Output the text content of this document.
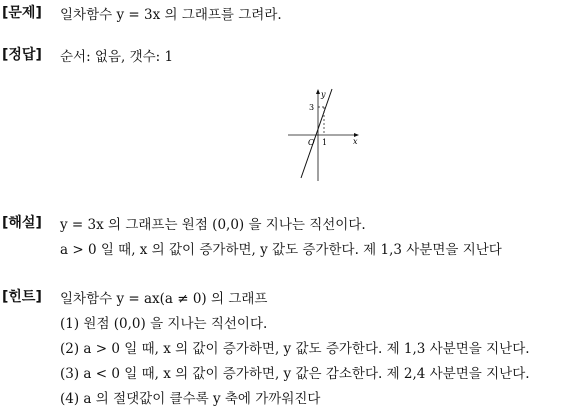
[문제] 일차함수 y = 3x 의 그래프를 그려라.
[정답] 순서: 없음, 갯수: 1
y
x
O 1
3
[해설] y = 3x 의 그래프는 원점 (0,0) 을 지나는 직선이다.
a > 0 일 때, x 의 값이 증가하면, y 값도 증가한다. 제 1,3 사분면을 지난다
[힌트] 일차함수 y = ax(a ≠ 0) 의 그래프
(1) 원점 (0,0) 을 지나는 직선이다.
(2) a > 0 일 때, x 의 값이 증가하면, y 값도 증가한다. 제 1,3 사분면을 지난다.
(3) a < 0 일 때, x 의 값이 증가하면, y 값은 감소한다. 제 2,4 사분면을 지난다.
(4) a 의 절댓값이 클수록 y 축에 가까워진다
